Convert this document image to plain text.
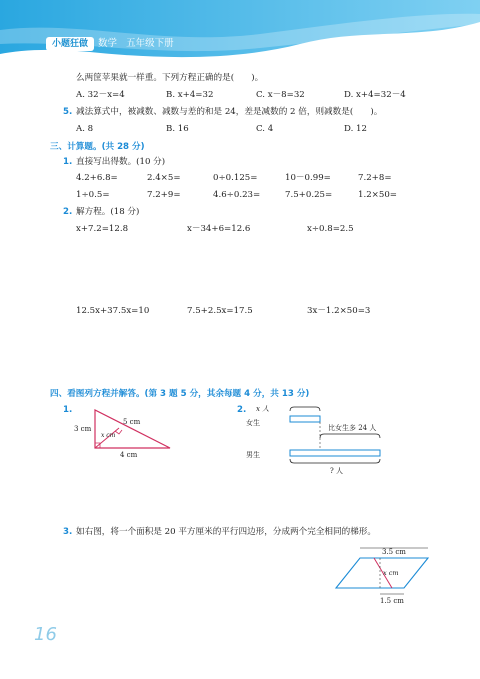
小题狂做	数学 五年级下册
么两筐苹果就一样重。下列方程正确的是(　　)。
A. 32－x=4	B. x+4=32	C. x－8=32	D. x+4=32－4
5. 减法算式中，被减数、减数与差的和是 24，差是减数的 2 倍，则减数是(　　)。
A. 8	B. 16	C. 4	D. 12
三、计算题。(共 28 分)
1. 直接写出得数。(10 分)
4.2+6.8=	2.4×5=	0÷0.125=	10－0.99=	7.2+8=
1÷0.5=	7.2+9=	4.6÷0.23=	7.5+0.25=	1.2×50=
2. 解方程。(18 分)
x+7.2=12.8	x－34+6=12.6	x÷0.8=2.5
12.5x+37.5x=10	7.5+2.5x=17.5	3x－1.2×50=3
四、看图列方程并解答。(第 3 题 5 分，其余每题 4 分，共 13 分)
1.
3 cm
5 cm
x cm
4 cm
2. x 人
女生
比女生多 24 人
男生
? 人
3. 如右图，将一个面积是 20 平方厘米的平行四边形，分成两个完全相同的梯形。
3.5 cm
x cm
1.5 cm
16
